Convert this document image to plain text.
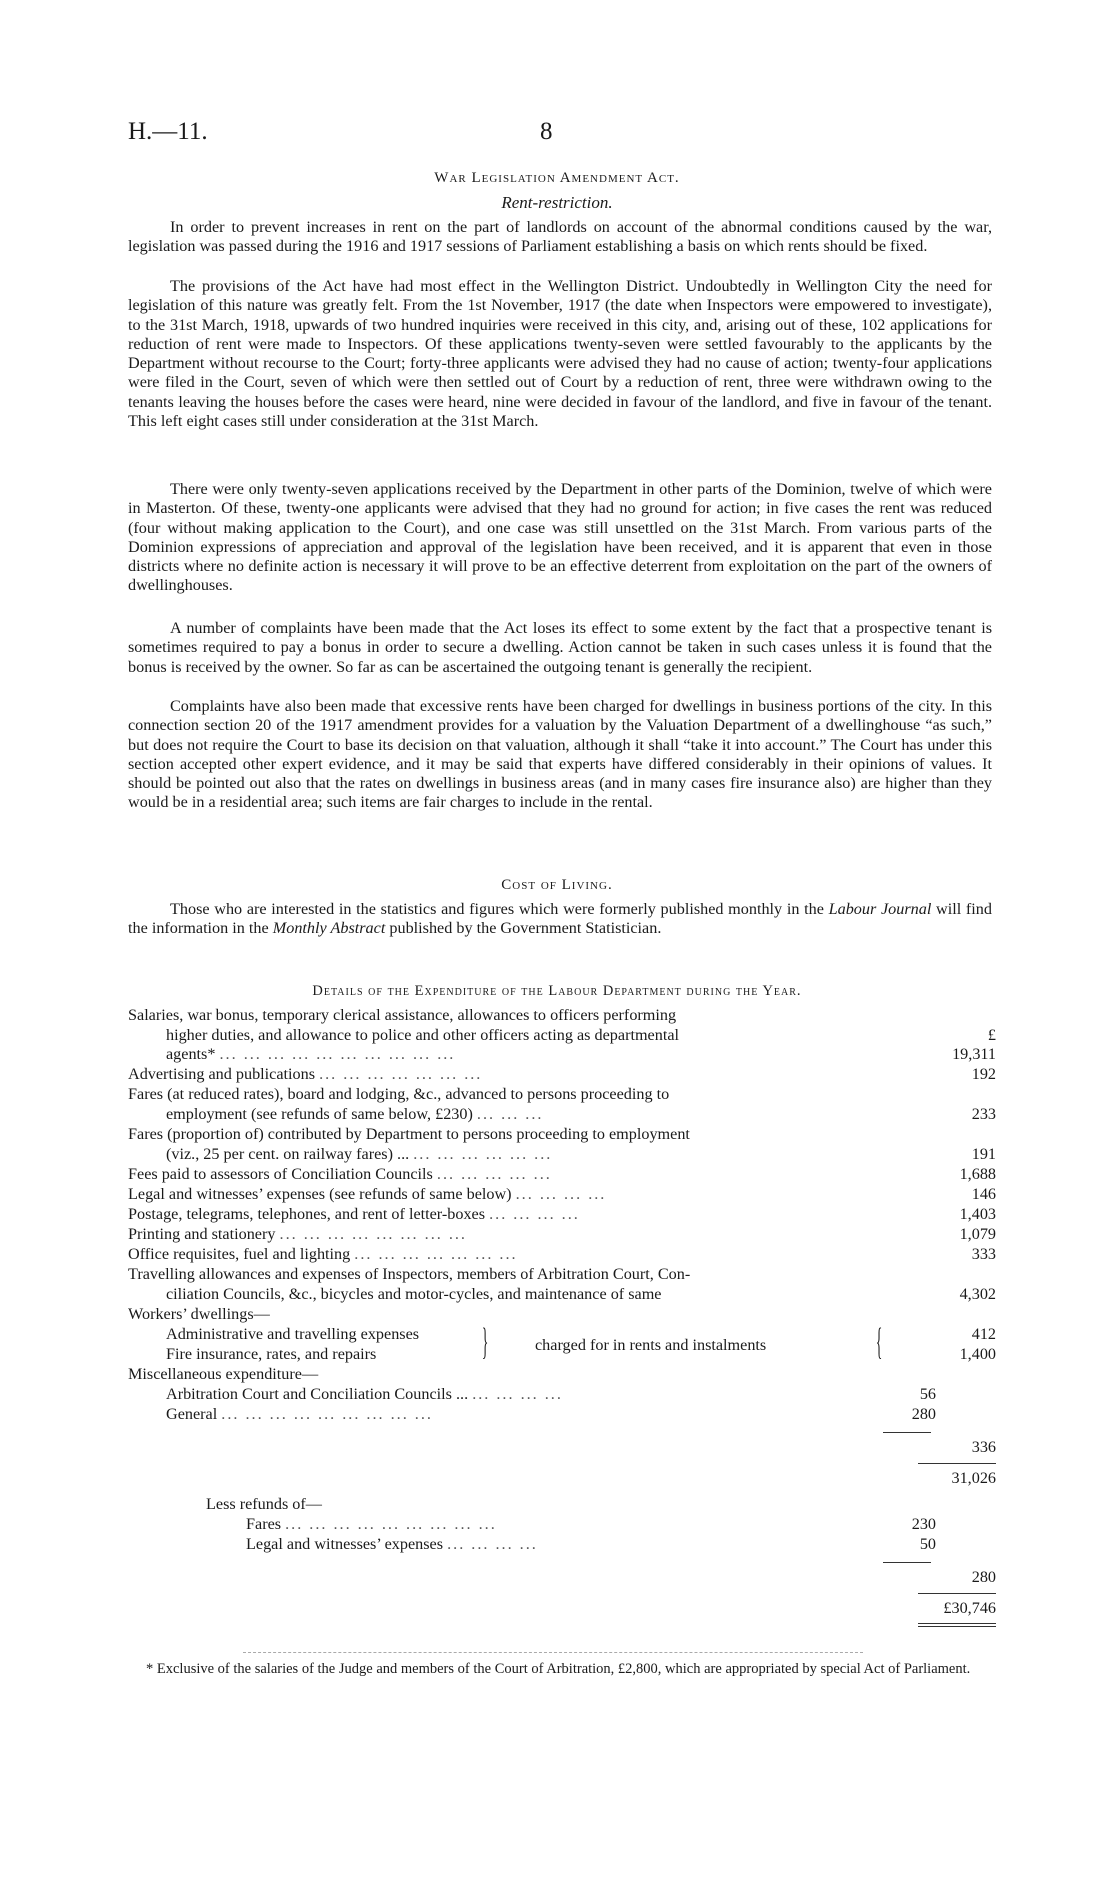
H.—11.	8
War Legislation Amendment Act.
Rent-restriction.
In order to prevent increases in rent on the part of landlords on account of the abnormal conditions caused by the war, legislation was passed during the 1916 and 1917 sessions of Parliament establishing a basis on which rents should be fixed.
The provisions of the Act have had most effect in the Wellington District. Undoubtedly in Wellington City the need for legislation of this nature was greatly felt. From the 1st November, 1917 (the date when Inspectors were empowered to investigate), to the 31st March, 1918, upwards of two hundred inquiries were received in this city, and, arising out of these, 102 applications for reduction of rent were made to Inspectors. Of these applications twenty-seven were settled favourably to the applicants by the Department without recourse to the Court; forty-three applicants were advised they had no cause of action; twenty-four applications were filed in the Court, seven of which were then settled out of Court by a reduction of rent, three were withdrawn owing to the tenants leaving the houses before the cases were heard, nine were decided in favour of the landlord, and five in favour of the tenant. This left eight cases still under consideration at the 31st March.
There were only twenty-seven applications received by the Department in other parts of the Dominion, twelve of which were in Masterton. Of these, twenty-one applicants were advised that they had no ground for action; in five cases the rent was reduced (four without making application to the Court), and one case was still unsettled on the 31st March. From various parts of the Dominion expressions of appreciation and approval of the legislation have been received, and it is apparent that even in those districts where no definite action is necessary it will prove to be an effective deterrent from exploitation on the part of the owners of dwellinghouses.
A number of complaints have been made that the Act loses its effect to some extent by the fact that a prospective tenant is sometimes required to pay a bonus in order to secure a dwelling. Action cannot be taken in such cases unless it is found that the bonus is received by the owner. So far as can be ascertained the outgoing tenant is generally the recipient.
Complaints have also been made that excessive rents have been charged for dwellings in business portions of the city. In this connection section 20 of the 1917 amendment provides for a valuation by the Valuation Department of a dwellinghouse “as such,” but does not require the Court to base its decision on that valuation, although it shall “take it into account.” The Court has under this section accepted other expert evidence, and it may be said that experts have differed considerably in their opinions of values. It should be pointed out also that the rates on dwellings in business areas (and in many cases fire insurance also) are higher than they would be in a residential area; such items are fair charges to include in the rental.
Cost of Living.
Those who are interested in the statistics and figures which were formerly published monthly in the Labour Journal will find the information in the Monthly Abstract published by the Government Statistician.
Details of the Expenditure of the Labour Department during the Year.
Salaries, war bonus, temporary clerical assistance, allowances to officers performing
higher duties, and allowance to police and other officers acting as departmental	£
agents* ... ... ... ... ... ... ... ... ... ...	19,311
Advertising and publications ... ... ... ... ... ... ...	192
Fares (at reduced rates), board and lodging, &c., advanced to persons proceeding to
employment (see refunds of same below, £230) ... ... ...	233
Fares (proportion of) contributed by Department to persons proceeding to employment
(viz., 25 per cent. on railway fares) ... ... ... ... ... ... ...	191
Fees paid to assessors of Conciliation Councils ... ... ... ... ...	1,688
Legal and witnesses’ expenses (see refunds of same below) ... ... ... ...	146
Postage, telegrams, telephones, and rent of letter-boxes ... ... ... ...	1,403
Printing and stationery ... ... ... ... ... ... ... ...	1,079
Office requisites, fuel and lighting ... ... ... ... ... ... ...	333
Travelling allowances and expenses of Inspectors, members of Arbitration Court, Con-
ciliation Councils, &c., bicycles and motor-cycles, and maintenance of same	4,302
Workers’ dwellings—
Administrative and travelling expenses	412
Fire insurance, rates, and repairs	1,400
}	charged for in rents and instalments	{
Miscellaneous expenditure—
Arbitration Court and Conciliation Councils ... ... ... ... ...	56
General ... ... ... ... ... ... ... ... ...	280
336
31,026
Less refunds of—
Fares ... ... ... ... ... ... ... ... ...	230
Legal and witnesses’ expenses ... ... ... ...	50
280
£30,746
* Exclusive of the salaries of the Judge and members of the Court of Arbitration, £2,800, which are appropriated by special Act of Parliament.
